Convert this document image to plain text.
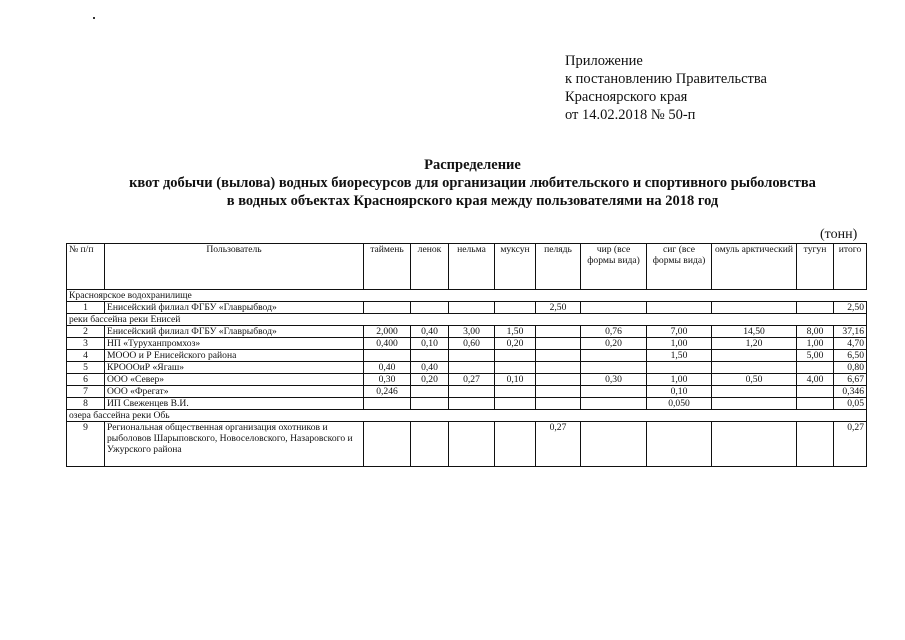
Приложение
к постановлению Правительства
Красноярского края
от 14.02.2018 № 50-п
Распределение
квот добычи (вылова) водных биоресурсов для организации любительского и спортивного рыболовства
в водных объектах Красноярского края между пользователями на 2018 год
(тонн)
№ п/п	Пользователь	таймень	ленок	нельма	муксун	пелядь	чир (все формы вида)	сиг (все формы вида)	омуль арктический	тугун	итого
Красноярское водохранилище											
1	Енисейский филиал ФГБУ «Главрыбвод»					2,50					2,50
реки бассейна реки Енисей											
2	Енисейский филиал ФГБУ «Главрыбвод»	2,000	0,40	3,00	1,50		0,76	7,00	14,50	8,00	37,16
3	НП «Туруханпромхоз»	0,400	0,10	0,60	0,20		0,20	1,00	1,20	1,00	4,70
4	МООО и Р Енисейского района							1,50		5,00	6,50
5	КРОООиР «Ягаш»	0,40	0,40								0,80
6	ООО «Север»	0,30	0,20	0,27	0,10		0,30	1,00	0,50	4,00	6,67
7	ООО «Фрегат»	0,246						0,10			0,346
8	ИП Свеженцев В.И.							0,050			0,05
озера бассейна реки Обь											
9	Региональная общественная организация охотников и рыболовов Шарыповского, Новоселовского, Назаровского и Ужурского района					0,27					0,27
